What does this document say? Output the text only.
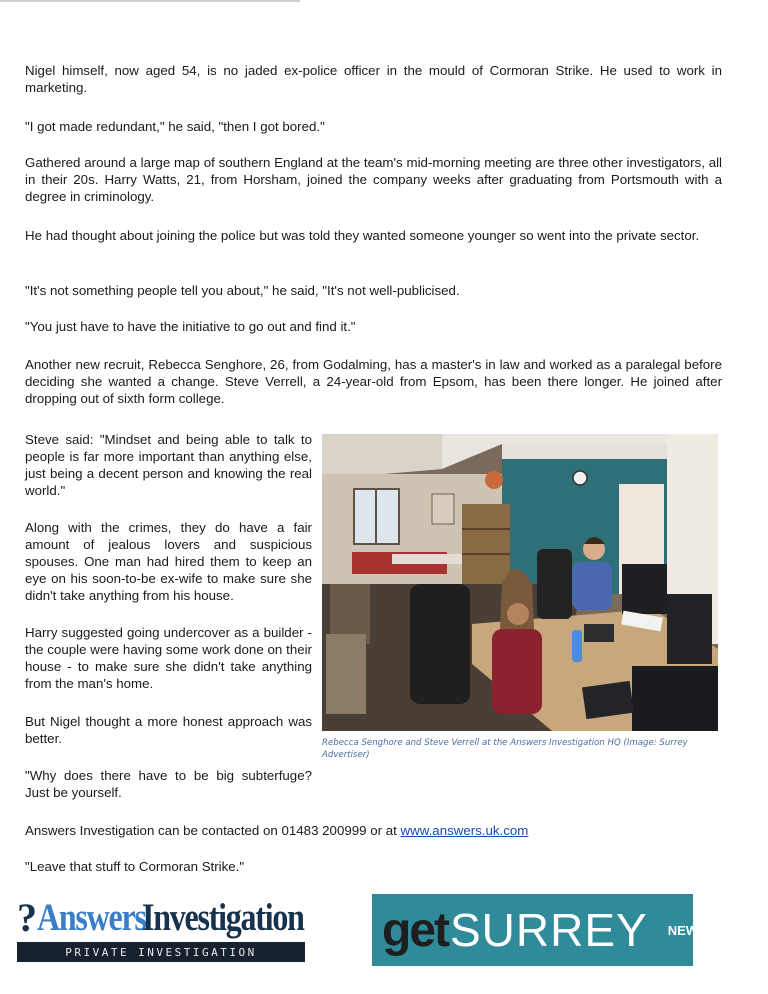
Nigel himself, now aged 54, is no jaded ex-police officer in the mould of Cormoran Strike. He used to work in marketing.

"I got made redundant," he said, "then I got bored."

Gathered around a large map of southern England at the team's mid-morning meeting are three other investigators, all in their 20s. Harry Watts, 21, from Horsham, joined the company weeks after graduating from Portsmouth with a degree in criminology.

He had thought about joining the police but was told they wanted someone younger so went into the private sector.

"It's not something people tell you about," he said, "It's not well-publicised.

"You just have to have the initiative to go out and find it."

Another new recruit, Rebecca Senghore, 26, from Godalming, has a master's in law and worked as a paralegal before deciding she wanted a change. Steve Verrell, a 24-year-old from Epsom, has been there longer. He joined after dropping out of sixth form college.

Steve said: "Mindset and being able to talk to people is far more important than anything else, just being a decent person and knowing the real world."

Along with the crimes, they do have a fair amount of jealous lovers and suspicious spouses. One man had hired them to keep an eye on his soon-to-be ex-wife to make sure she didn't take anything from his house.

Harry suggested going undercover as a builder - the couple were having some work done on their house - to make sure she didn't take anything from the man's home.

But Nigel thought a more honest approach was better.

"Why does there have to be big subterfuge? Just be yourself.

Answers Investigation can be contacted on 01483 200999 or at www.answers.uk.com

"Leave that stuff to Cormoran Strike."

Rebecca Senghore and Steve Verrell at the Answers Investigation HQ (Image: Surrey Advertiser)
? Answers
Investigation
PRIVATE INVESTIGATION	get SURREY NEWS
